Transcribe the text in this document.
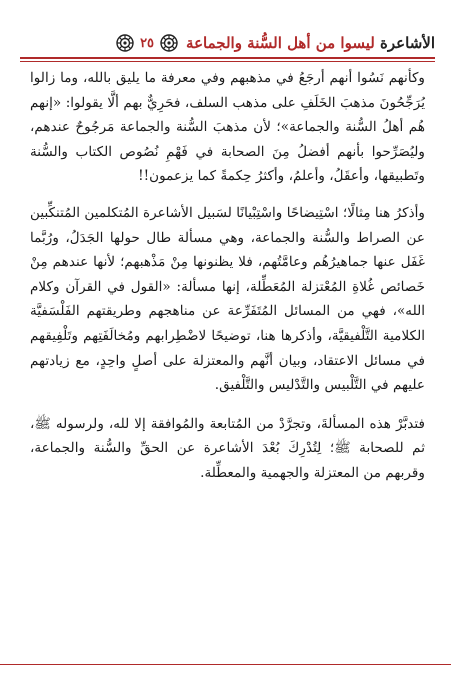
الأشاعرة ليسوا من أهل السُّنة والجماعة
٢٥

وكأنهم نَسُوا أنهم أرجَعُ في مذهبهم وفي معرفة ما يليق بالله، وما زالوا يُرَجِّحُونَ مذهبَ الخَلَفِ على مذهب السلف، فحَرِيٌّ بهم ألَّا يقولوا: «إنهم هُم أهلُ السُّنة والجماعة»؛ لأن مذهبَ السُّنة والجماعة مَرجُوحٌ عندهم، وليُصَرِّحوا بأنهم أفضلُ مِنَ الصحابة في فَهْمِ نُصُوص الكتاب والسُّنة وتَطبيقها، وأعقَلُ، وأعلمُ، وأكثرُ حِكمةً كما يزعمون!!

وأذكرُ هنا مِثالًا؛ اسْتِيضاحًا واسْتِبْيانًا لسَبيل الأشاعرة المُتكلمين المُتنكِّبين عن الصراط والسُّنة والجماعة، وهي مسألة طال حولها الجَدَلُ، ورُبَّما غَفَل عنها جماهيرُهُم وعامَّتُهم، فلا يظنونها مِنْ مَذْهبهم؛ لأنها عندهم مِنْ خَصائص غُلاةِ المُعْتزلة المُعَطِّلة، إنها مسألة: «القول في القرآن وكلام الله»، فهي من المسائل المُتَفَرِّعة عن مناهجهم وطريقتهم الفَلْسَفيَّة الكلامية التَّلْفيقيَّة، وأذكرها هنا، توضيحًا لاضْطِرابهم ومُخالَفَتِهم وتَلْفِيقهم في مسائل الاعتقاد، وبيان أنَّهم والمعتزلة على أصلٍ واحِدٍ، مع زيادتهم عليهم في التَّلْبيس والتَّدْليس والتَّلْفيق.

فتدبَّرْ هذه المسألةَ، وتجرَّدْ من المُتابعة والمُوافقة إلا لله، ولرسوله ﷺ، ثم للصحابة ﷺ؛ لِتُدْرِكَ بُعْدَ الأشاعرة عن الحقِّ والسُّنة والجماعة، وقربهم من المعتزلة والجهمية والمعطِّلة.
